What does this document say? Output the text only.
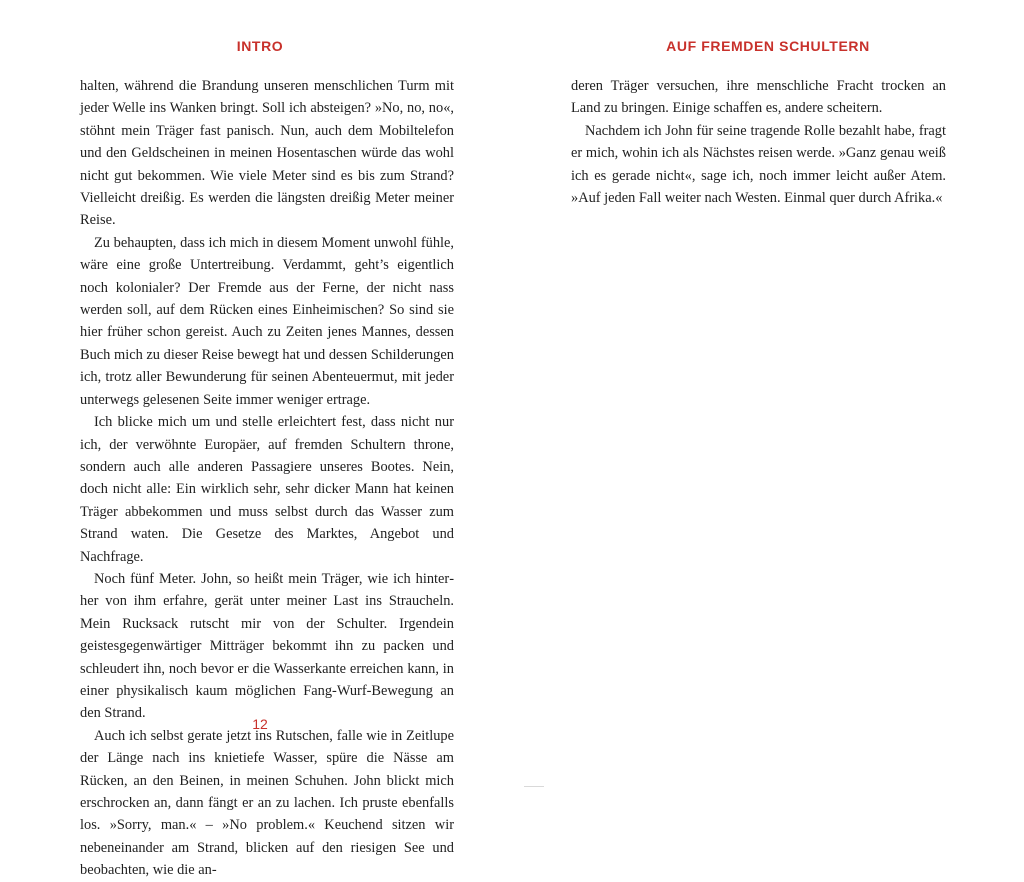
INTRO

halten, während die Brandung unseren menschlichen Turm mit jeder Welle ins Wanken bringt. Soll ich absteigen? »No, no, no«, stöhnt mein Träger fast panisch. Nun, auch dem Mobiltelefon und den Geldscheinen in meinen Hosentaschen würde das wohl nicht gut bekommen. Wie viele Meter sind es bis zum Strand? Vielleicht dreißig. Es werden die längsten dreißig Meter meiner Reise.

Zu behaupten, dass ich mich in diesem Moment unwohl fühle, wäre eine große Untertreibung. Verdammt, geht’s eigentlich noch kolonialer? Der Fremde aus der Ferne, der nicht nass werden soll, auf dem Rücken eines Einheimischen? So sind sie hier früher schon gereist. Auch zu Zeiten jenes Mannes, dessen Buch mich zu dieser Reise bewegt hat und dessen Schilderungen ich, trotz aller Bewunderung für seinen Abenteuermut, mit jeder unterwegs gelesenen Seite immer weniger ertrage.

Ich blicke mich um und stelle erleichtert fest, dass nicht nur ich, der verwöhnte Europäer, auf fremden Schultern throne, sondern auch alle anderen Passagiere unseres Bootes. Nein, doch nicht alle: Ein wirklich sehr, sehr dicker Mann hat keinen Träger abbekommen und muss selbst durch das Wasser zum Strand waten. Die Gesetze des Marktes, Angebot und Nachfrage.

Noch fünf Meter. John, so heißt mein Träger, wie ich hinterher von ihm erfahre, gerät unter meiner Last ins Straucheln. Mein Rucksack rutscht mir von der Schulter. Irgendein geistesgegenwärtiger Mitträger bekommt ihn zu packen und schleudert ihn, noch bevor er die Wasserkante erreichen kann, in einer physikalisch kaum möglichen Fang-Wurf-Bewegung an den Strand.

Auch ich selbst gerate jetzt ins Rutschen, falle wie in Zeitlupe der Länge nach ins knietiefe Wasser, spüre die Nässe am Rücken, an den Beinen, in meinen Schuhen. John blickt mich erschrocken an, dann fängt er an zu lachen. Ich pruste ebenfalls los. »Sorry, man.« – »No problem.« Keuchend sitzen wir nebeneinander am Strand, blicken auf den riesigen See und beobachten, wie die an-

12
AUF FREMDEN SCHULTERN

deren Träger versuchen, ihre menschliche Fracht trocken an Land zu bringen. Einige schaffen es, andere scheitern.

Nachdem ich John für seine tragende Rolle bezahlt habe, fragt er mich, wohin ich als Nächstes reisen werde. »Ganz genau weiß ich es gerade nicht«, sage ich, noch immer leicht außer Atem. »Auf jeden Fall weiter nach Westen. Einmal quer durch Afrika.«
